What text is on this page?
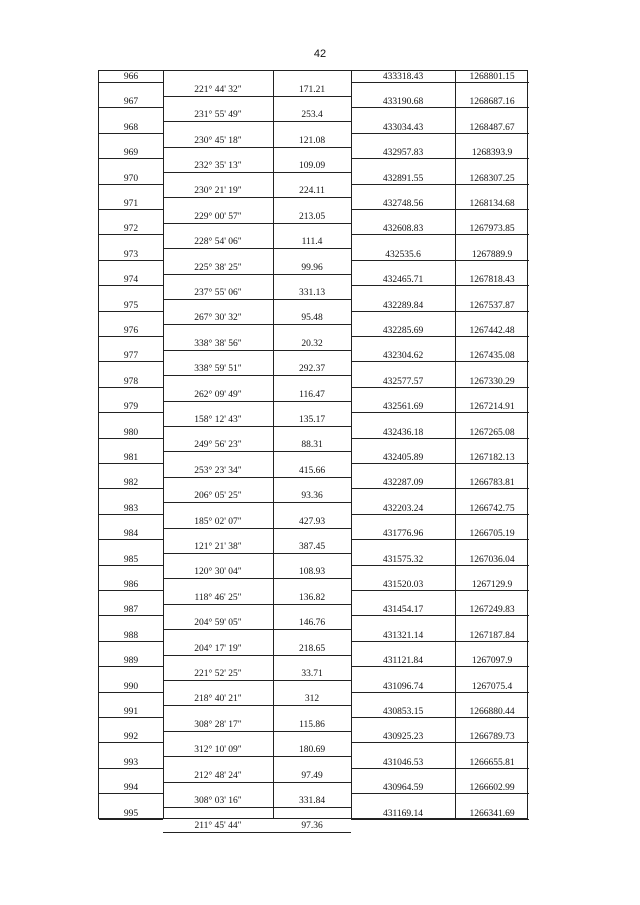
42
966	433318.43	1268801.15
221° 44' 32"	171.21
967	433190.68	1268687.16
231° 55' 49"	253.4
968	433034.43	1268487.67
230° 45' 18"	121.08
969	432957.83	1268393.9
232° 35' 13"	109.09
970	432891.55	1268307.25
230° 21' 19"	224.11
971	432748.56	1268134.68
229° 00' 57"	213.05
972	432608.83	1267973.85
228° 54' 06"	111.4
973	432535.6	1267889.9
225° 38' 25"	99.96
974	432465.71	1267818.43
237° 55' 06"	331.13
975	432289.84	1267537.87
267° 30' 32"	95.48
976	432285.69	1267442.48
338° 38' 56"	20.32
977	432304.62	1267435.08
338° 59' 51"	292.37
978	432577.57	1267330.29
262° 09' 49"	116.47
979	432561.69	1267214.91
158° 12' 43"	135.17
980	432436.18	1267265.08
249° 56' 23"	88.31
981	432405.89	1267182.13
253° 23' 34"	415.66
982	432287.09	1266783.81
206° 05' 25"	93.36
983	432203.24	1266742.75
185° 02' 07"	427.93
984	431776.96	1266705.19
121° 21' 38"	387.45
985	431575.32	1267036.04
120° 30' 04"	108.93
986	431520.03	1267129.9
118° 46' 25"	136.82
987	431454.17	1267249.83
204° 59' 05"	146.76
988	431321.14	1267187.84
204° 17' 19"	218.65
989	431121.84	1267097.9
221° 52' 25"	33.71
990	431096.74	1267075.4
218° 40' 21"	312
991	430853.15	1266880.44
308° 28' 17"	115.86
992	430925.23	1266789.73
312° 10' 09"	180.69
993	431046.53	1266655.81
212° 48' 24"	97.49
994	430964.59	1266602.99
308° 03' 16"	331.84
995	431169.14	1266341.69
211° 45' 44"	97.36
